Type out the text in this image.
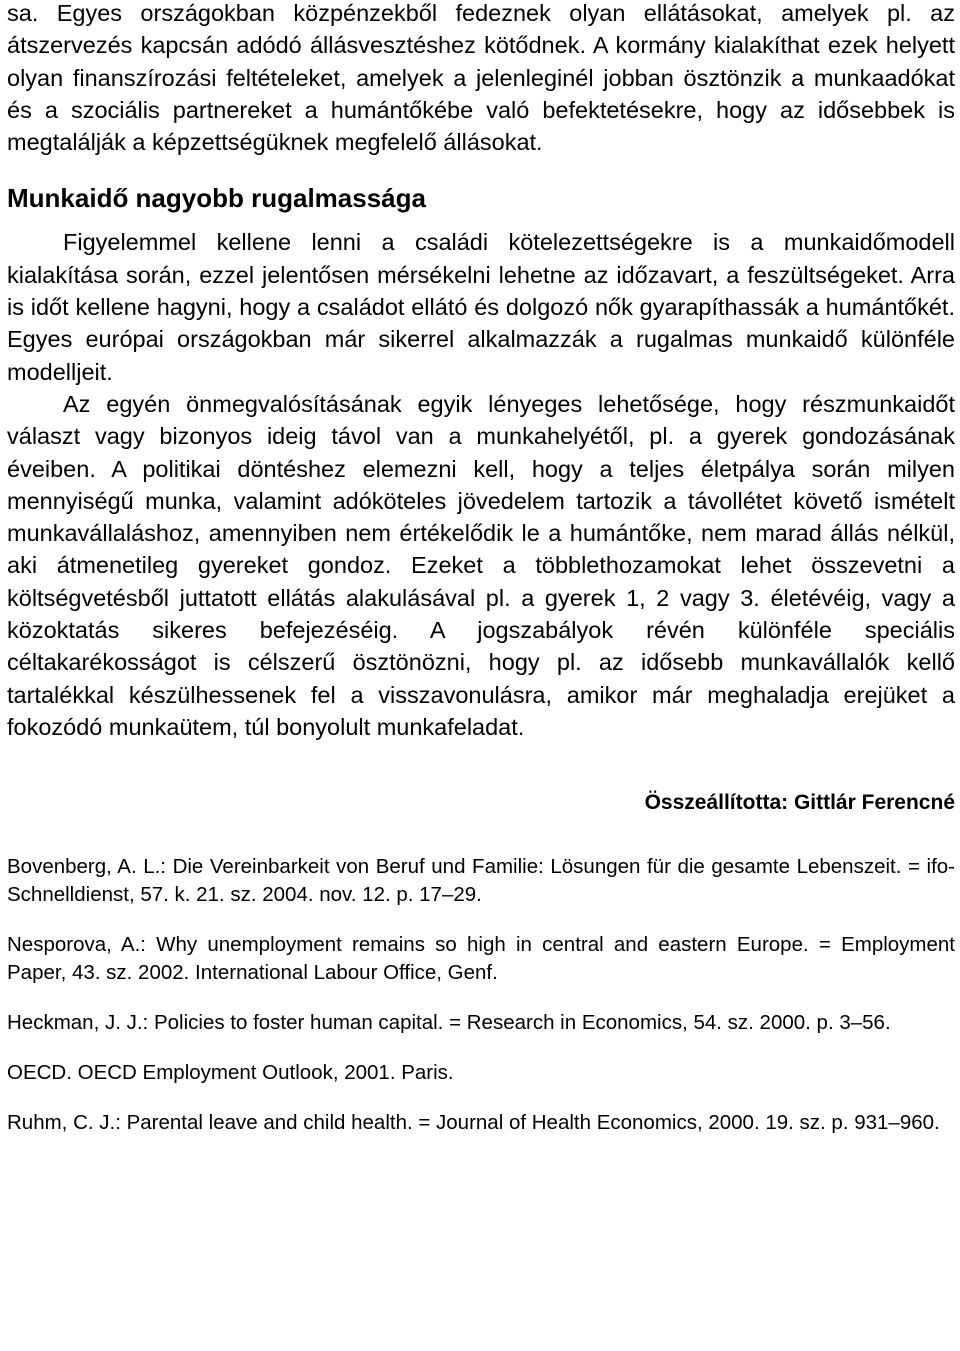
sa. Egyes országokban közpénzekből fedeznek olyan ellátásokat, amelyek pl. az átszervezés kapcsán adódó állásvesztéshez kötődnek. A kormány kialakíthat ezek helyett olyan finanszírozási feltételeket, amelyek a jelenleginél jobban ösztönzik a munkaadókat és a szociális partnereket a humántőkébe való befektetésekre, hogy az idősebbek is megtalálják a képzettségüknek megfelelő állásokat.

Munkaidő nagyobb rugalmassága

Figyelemmel kellene lenni a családi kötelezettségekre is a munkaidőmodell kialakítása során, ezzel jelentősen mérsékelni lehetne az időzavart, a feszültségeket. Arra is időt kellene hagyni, hogy a családot ellátó és dolgozó nők gyarapíthassák a humántőkét. Egyes európai országokban már sikerrel alkalmazzák a rugalmas munkaidő különféle modelljeit.

Az egyén önmegvalósításának egyik lényeges lehetősége, hogy részmunkaidőt választ vagy bizonyos ideig távol van a munkahelyétől, pl. a gyerek gondozásának éveiben. A politikai döntéshez elemezni kell, hogy a teljes életpálya során milyen mennyiségű munka, valamint adóköteles jövedelem tartozik a távollétet követő ismételt munkavállaláshoz, amennyiben nem értékelődik le a humántőke, nem marad állás nélkül, aki átmenetileg gyereket gondoz. Ezeket a többlethozamokat lehet összevetni a költségvetésből juttatott ellátás alakulásával pl. a gyerek 1, 2 vagy 3. életévéig, vagy a közoktatás sikeres befejezéséig. A jogszabályok révén különféle speciális céltakarékosságot is célszerű ösztönözni, hogy pl. az idősebb munkavállalók kellő tartalékkal készülhessenek fel a visszavonulásra, amikor már meghaladja erejüket a fokozódó munkaütem, túl bonyolult munkafeladat.

Összeállította: Gittlár Ferencné

Bovenberg, A. L.: Die Vereinbarkeit von Beruf und Familie: Lösungen für die gesamte Lebenszeit. = ifo-Schnelldienst, 57. k. 21. sz. 2004. nov. 12. p. 17–29.

Nesporova, A.: Why unemployment remains so high in central and eastern Europe. = Employment Paper, 43. sz. 2002. International Labour Office, Genf.

Heckman, J. J.: Policies to foster human capital. = Research in Economics, 54. sz. 2000. p. 3–56.

OECD. OECD Employment Outlook, 2001. Paris.

Ruhm, C. J.: Parental leave and child health. = Journal of Health Economics, 2000. 19. sz. p. 931–960.
